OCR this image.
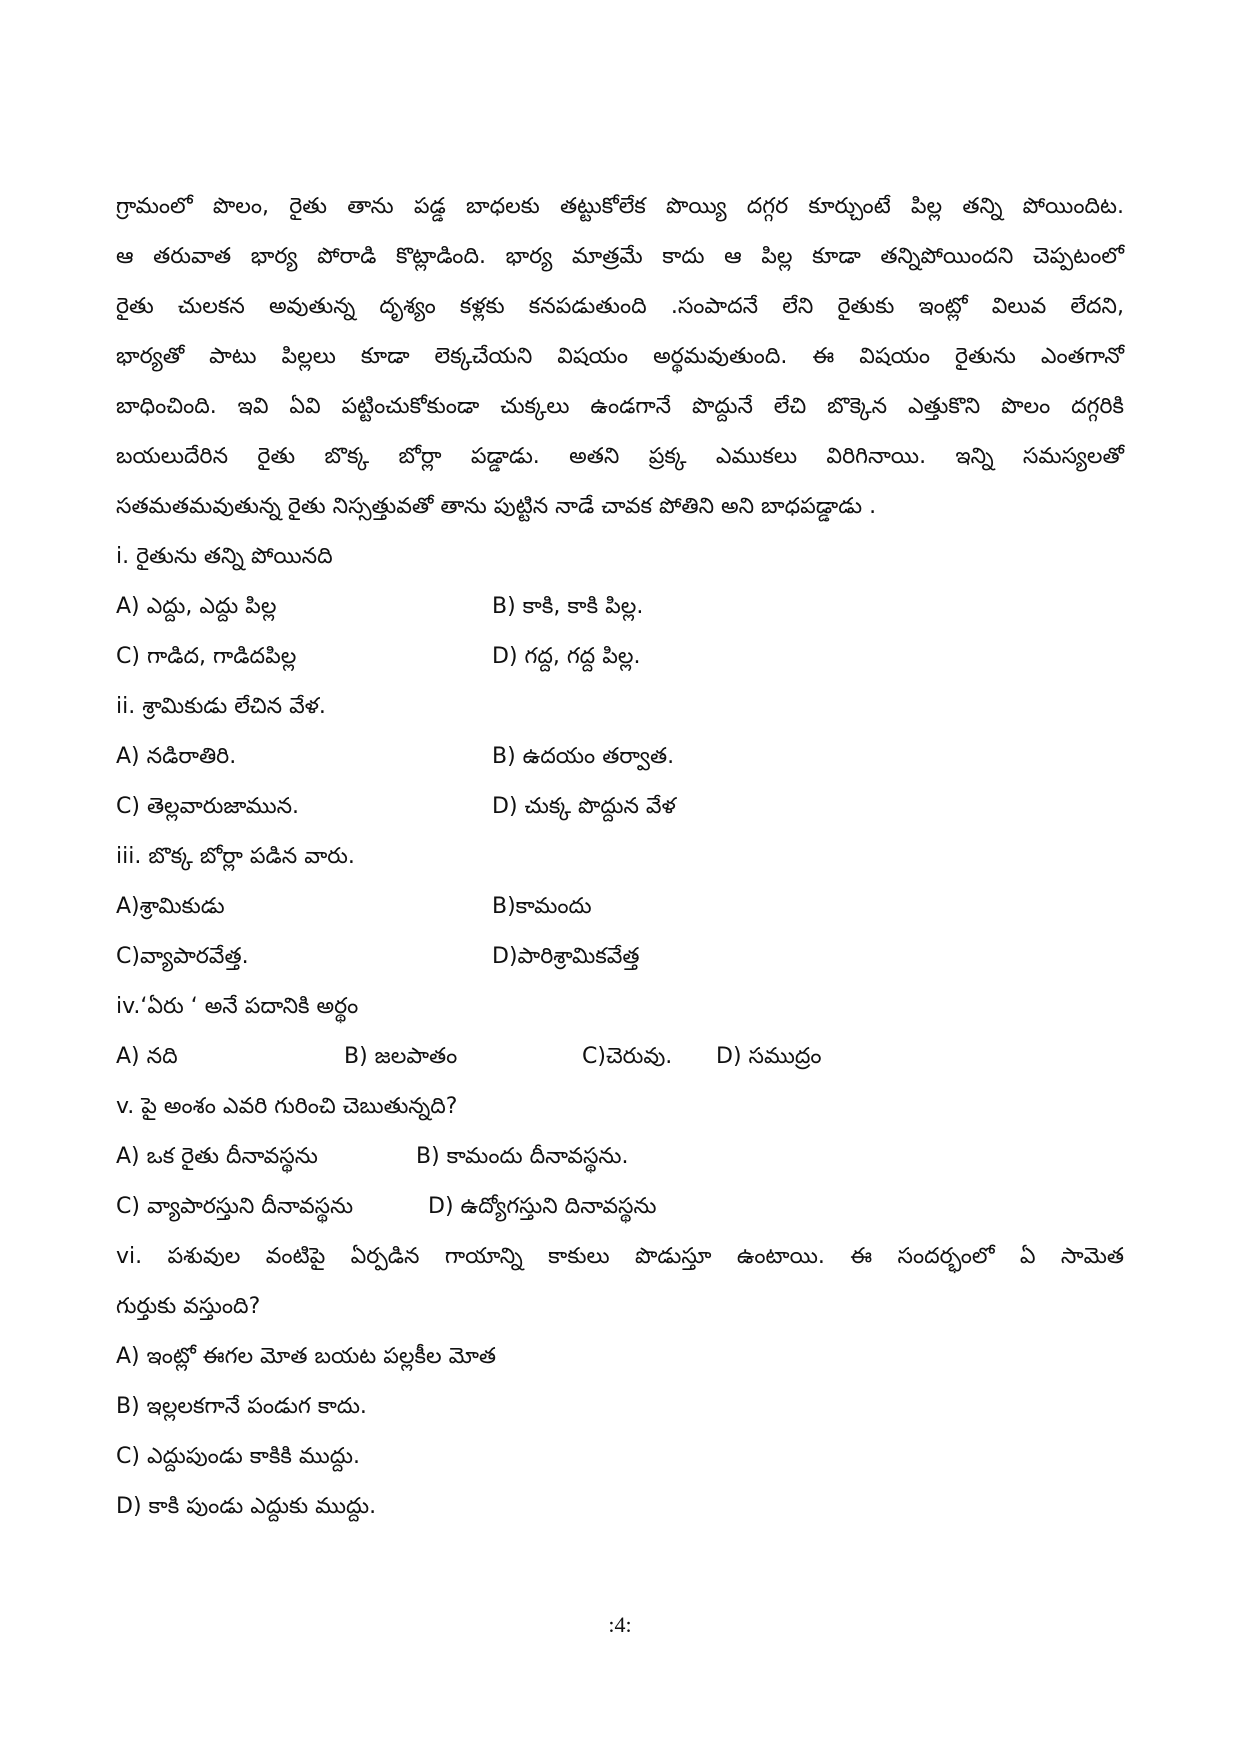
గ్రామంలో పొలం, రైతు తాను పడ్డ బాధలకు తట్టుకోలేక పొయ్యి దగ్గర కూర్చుంటే పిల్ల తన్ని పోయిందిట.

ఆ తరువాత భార్య పోరాడి కొట్లాడింది. భార్య మాత్రమే కాదు ఆ పిల్ల కూడా తన్నిపోయిందని చెప్పటంలో

రైతు చులకన అవుతున్న దృశ్యం కళ్లకు కనపడుతుంది .సంపాదనే లేని రైతుకు ఇంట్లో విలువ లేదని,

భార్యతో పాటు పిల్లలు కూడా లెక్కచేయని విషయం అర్థమవుతుంది. ఈ విషయం రైతును ఎంతగానో

బాధించింది. ఇవి ఏవి పట్టించుకోకుండా చుక్కలు ఉండగానే పొద్దునే లేచి బొక్కెన ఎత్తుకొని పొలం దగ్గరికి

బయలుదేరిన రైతు బొక్క బోర్లా పడ్డాడు. అతని ప్రక్క ఎముకలు విరిగినాయి. ఇన్ని సమస్యలతో

సతమతమవుతున్న రైతు నిస్సత్తువతో తాను పుట్టిన నాడే చావక పోతిని అని బాధపడ్డాడు .

i. రైతును తన్ని పోయినది
A) ఎద్దు, ఎద్దు పిల్ల	B) కాకి, కాకి పిల్ల.
C) గాడిద, గాడిదపిల్ల	D) గద్ద, గద్ద పిల్ల.
ii. శ్రామికుడు లేచిన వేళ.
A) నడిరాతిరి.	B) ఉదయం తర్వాత.
C) తెల్లవారుజామున.	D) చుక్క పొద్దున వేళ
iii. బొక్క బోర్లా పడిన వారు.
A)శ్రామికుడు	B)కామందు
C)వ్యాపారవేత్త.	D)పారిశ్రామికవేత్త
iv.‘ఏరు ‘ అనే పదానికి అర్థం
A) నది	B) జలపాతం	C)చెరువు. D) సముద్రం
v. పై అంశం ఎవరి గురించి చెబుతున్నది?
A) ఒక రైతు దీనావస్థను	B) కామందు దీనావస్థను.
C) వ్యాపారస్తుని దీనావస్థను	D) ఉద్యోగస్తుని దినావస్థను
vi. పశువుల వంటిపై ఏర్పడిన గాయాన్ని కాకులు పొడుస్తూ ఉంటాయి. ఈ సందర్భంలో ఏ సామెత
గుర్తుకు వస్తుంది?
A) ఇంట్లో ఈగల మోత బయట పల్లకీల మోత
B) ఇల్లలకగానే పండుగ కాదు.
C) ఎద్దుపుండు కాకికి ముద్దు.
D) కాకి పుండు ఎద్దుకు ముద్దు.
:4:
